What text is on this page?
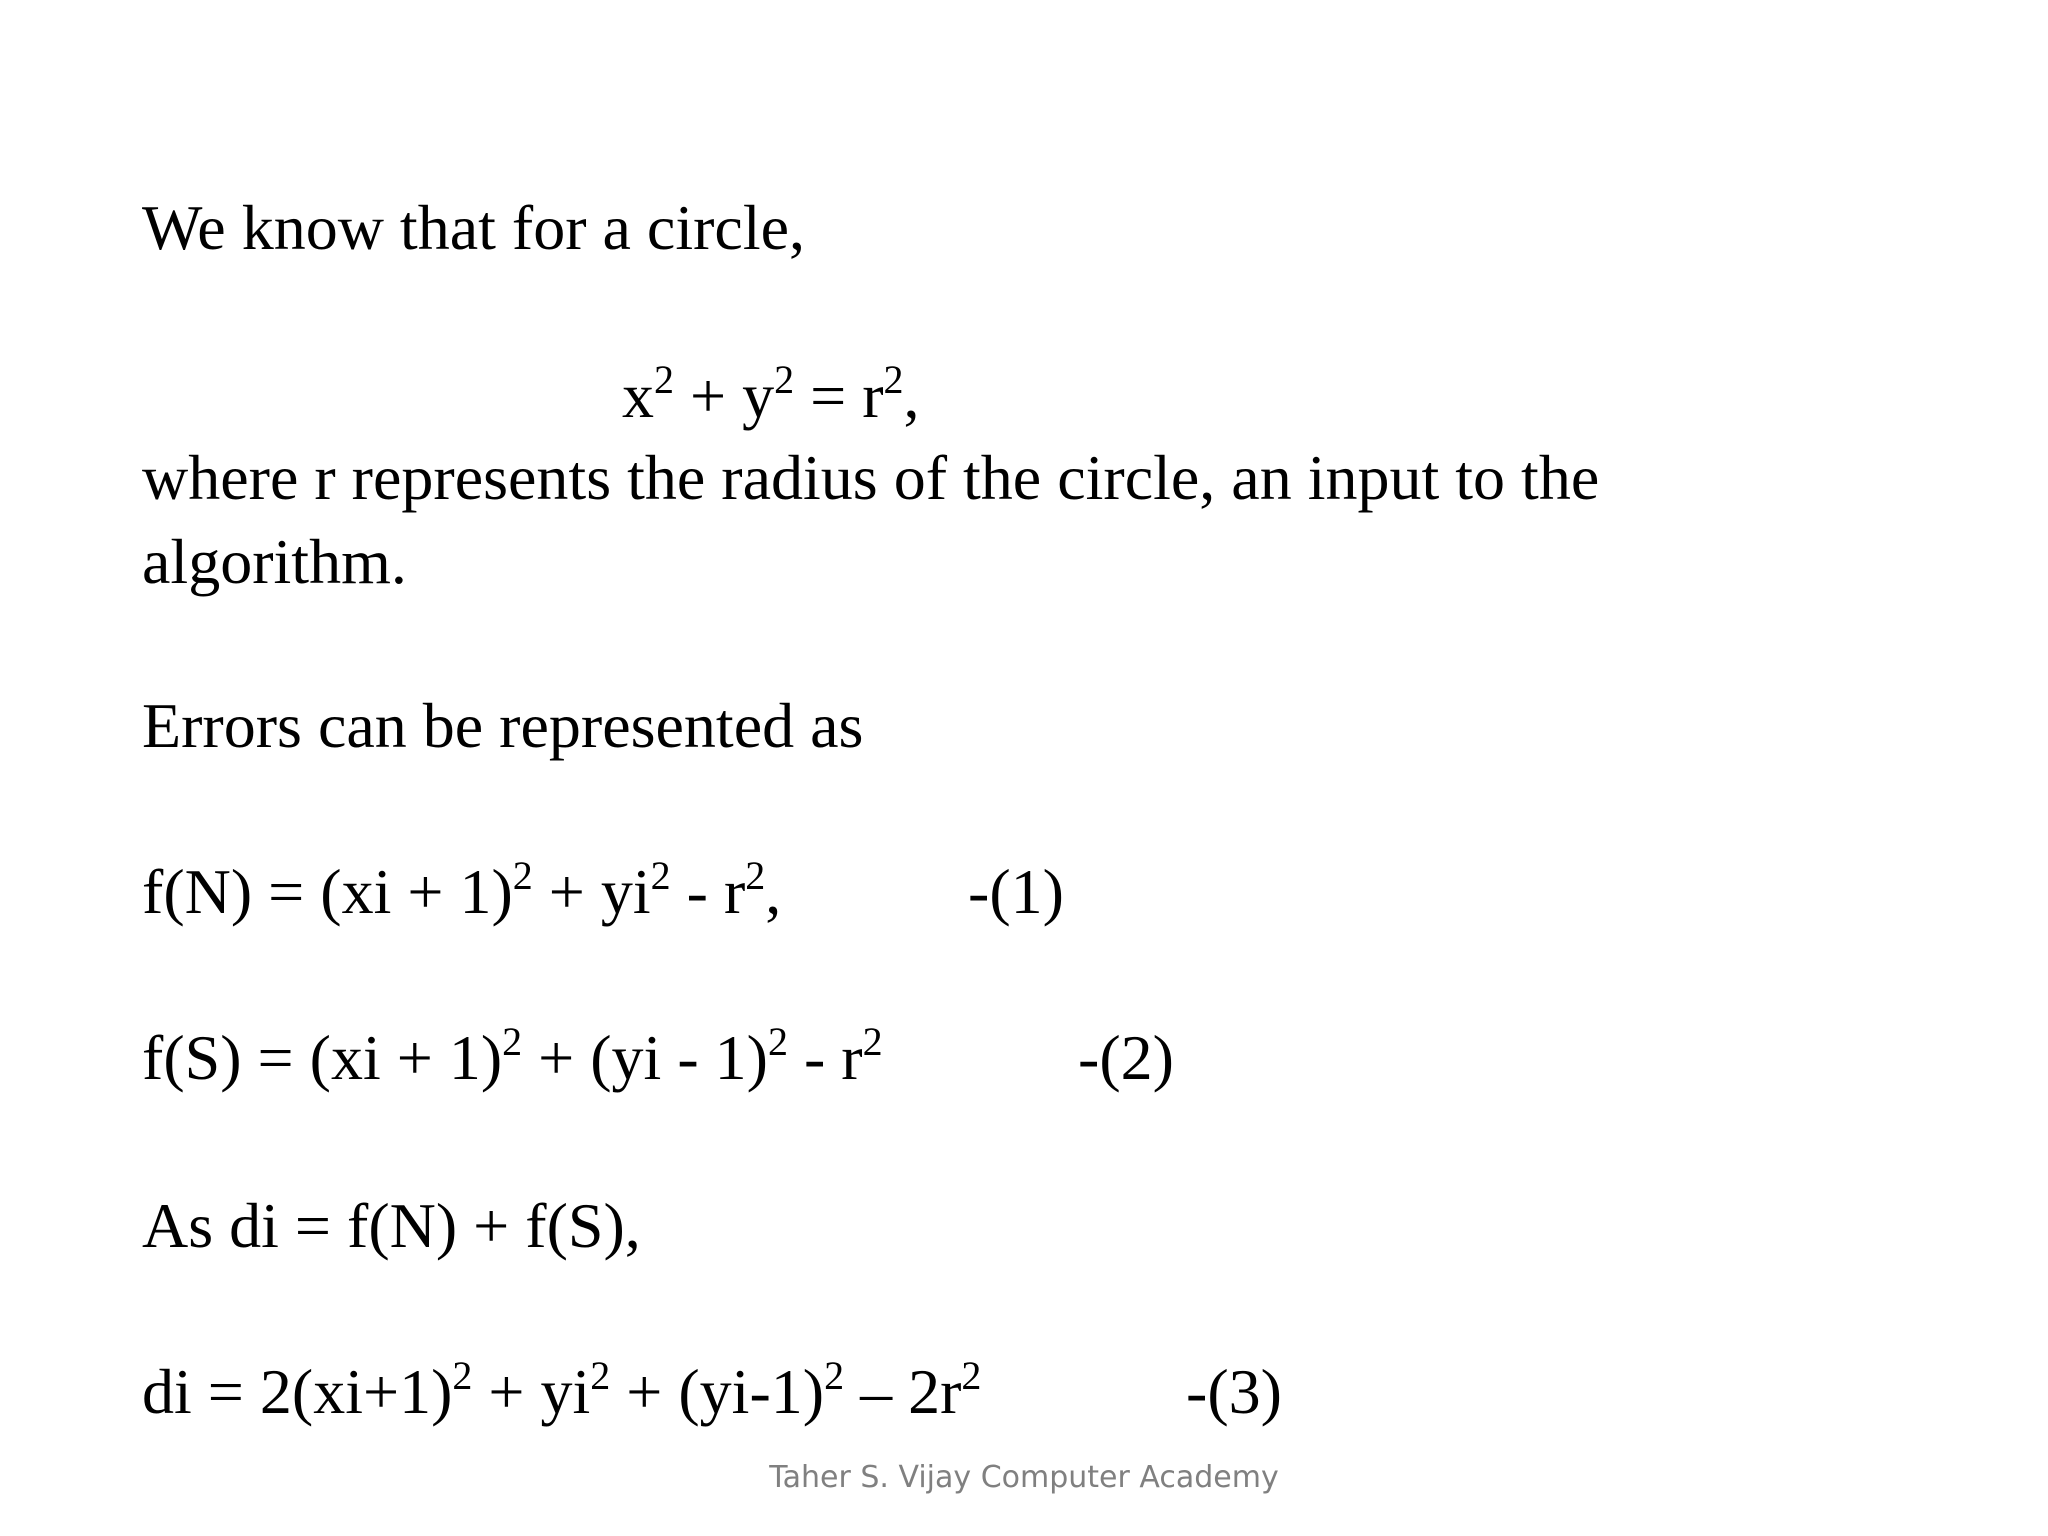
We know that for a circle,
$x^2 + y^2 = r^2$,
where r represents the radius of the circle, an input to the
algorithm.
Errors can be represented as
$f(N) = (xi + 1)^2 + yi^2 - r^2$,	-(1)
$f(S) = (xi + 1)^2 + (yi - 1)^2 - r^2$	-(2)
As di = f(N) + f(S),
di = $2(xi+1)^2 + yi^2 + (yi-1)^2 - 2r^2$	-(3)
Taher S. Vijay Computer Academy
